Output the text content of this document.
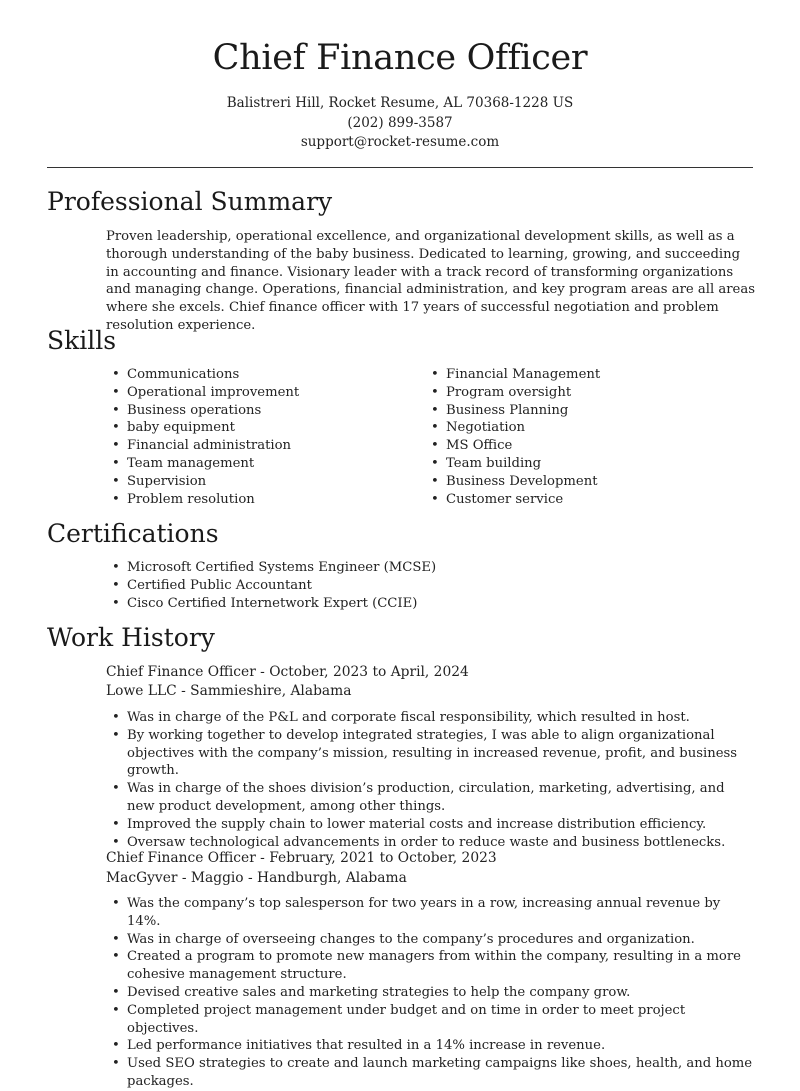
Chief Finance Officer
Balistreri Hill, Rocket Resume, AL 70368-1228 US
(202) 899-3587
support@rocket-resume.com
Professional Summary

Proven leadership, operational excellence, and organizational development skills, as well as a thorough understanding of the baby business. Dedicated to learning, growing, and succeeding in accounting and finance. Visionary leader with a track record of transforming organizations and managing change. Operations, financial administration, and key program areas are all areas where she excels. Chief finance officer with 17 years of successful negotiation and problem resolution experience.

Skills
• Communications
• Operational improvement
• Business operations
• baby equipment
• Financial administration
• Team management
• Supervision
• Problem resolution
• Financial Management
• Program oversight
• Business Planning
• Negotiation
• MS Office
• Team building
• Business Development
• Customer service
Certifications
• Microsoft Certified Systems Engineer (MCSE)
• Certified Public Accountant
• Cisco Certified Internetwork Expert (CCIE)
Work History

Chief Finance Officer - October, 2023 to April, 2024

Lowe LLC - Sammieshire, Alabama

• Was in charge of the P&L and corporate fiscal responsibility, which resulted in host.
• By working together to develop integrated strategies, I was able to align organizational objectives with the company’s mission, resulting in increased revenue, profit, and business growth.
• Was in charge of the shoes division’s production, circulation, marketing, advertising, and new product development, among other things.
• Improved the supply chain to lower material costs and increase distribution efficiency.
• Oversaw technological advancements in order to reduce waste and business bottlenecks.

Chief Finance Officer - February, 2021 to October, 2023

MacGyver - Maggio - Handburgh, Alabama

• Was the company’s top salesperson for two years in a row, increasing annual revenue by 14%.
• Was in charge of overseeing changes to the company’s procedures and organization.
• Created a program to promote new managers from within the company, resulting in a more cohesive management structure.
• Devised creative sales and marketing strategies to help the company grow.
• Completed project management under budget and on time in order to meet project objectives.
• Led performance initiatives that resulted in a 14% increase in revenue.
• Used SEO strategies to create and launch marketing campaigns like shoes, health, and home packages.
